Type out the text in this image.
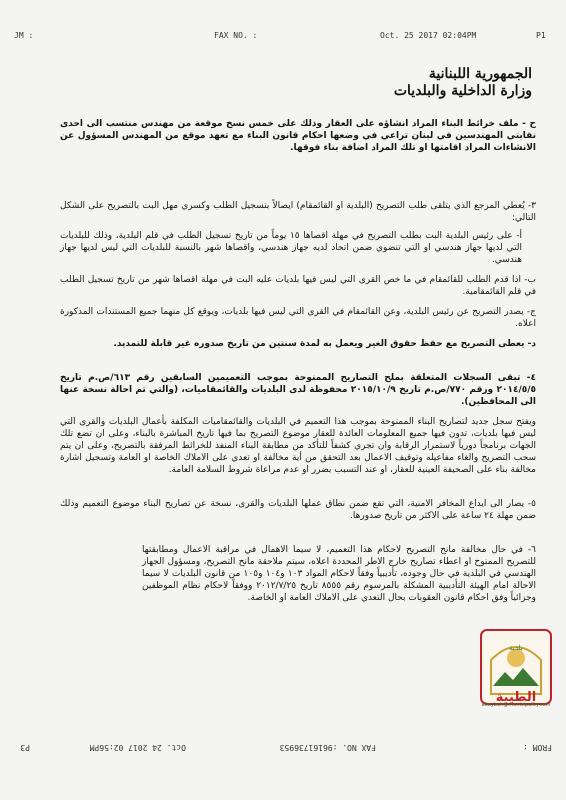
JM :	FAX NO. :	Oct. 25 2017 02:04PM	P1
الجمهورية اللبنانية
وزارة الداخلية والبلديات

ح - ملف خرائط البناء المراد انشاؤه على العقار وذلك على خمس نسخ موقعة من مهندس منتسب الى احدى نقابتي المهندسين في لبنان تراعي في وضعها احكام قانون البناء مع تعهد موقع من المهندس المسؤول عن الانشاءات المراد اقامتها او تلك المراد اضافة بناء فوقها.

٣- يُعطي المرجع الذي يتلقى طلب التصريح (البلدية او القائمقام) ايصالاً بتسجيل الطلب وكسري مهل البت بالتصريح على الشكل التالي:

أ- على رئيس البلدية البت بطلب التصريح في مهلة اقصاها ١٥ يوماً من تاريخ تسجيل الطلب في قلم البلدية، وذلك للبلديات التي لديها جهاز هندسي او التي تنضوي ضمن اتحاد لديه جهاز هندسي، واقصاها شهر بالنسبة للبلديات التي ليس لديها جهاز هندسي.

ب- اذا قدم الطلب للقائمقام في ما خص القرى التي ليس فيها بلديات عليه البت في مهلة اقصاها شهر من تاريخ تسجيل الطلب في قلم القائمقامية.

ج- يصدر التصريح عن رئيس البلدية، وعن القائمقام في القرى التي ليس فيها بلديات، ويوقع كل منهما جميع المستندات المذكورة اعلاه.

د- يعطى التصريح مع حفظ حقوق الغير ويعمل به لمدة سنتين من تاريخ صدوره غير قابلة للتمديد.

٤- تبقى السجلات المتعلقة بملح التصاريح الممنوحة بموجب التعميمين السابقين رقم ٦١٣/ص.م تاريخ ٢٠١٤/٥/٥ ورقم ٧٧٠/ص.م تاريخ ٢٠١٥/١٠/٩ محفوظة لدى البلديات والقائمقاميات، (والتي تم احالة نسخة عنها الى المحافظين).

ويفتح سجل جديد لتصاريح البناء الممنوحة بموجب هذا التعميم في البلديات والقائمقاميات المكلفة بأعمال البلديات والقرى التي ليس فيها بلديات، تدون فيها جميع المعلومات العائدة للعقار موضوع التصريح بما فيها تاريخ المباشرة بالبناء، وعلى ان تضع تلك الجهات برنامجاً دورياً لاستمرار الرقابة وان تجري كشفاً للتأكد من مطابقة البناء المنفذ للخرائط المرفقة بالتصريح، وعلى ان يتم سحب التصريح والغاء مفاعيله وتوقيف الاعمال بعد التحقق من أية مخالفة او تعدي على الاملاك الخاصة او العامة وتسجيل اشارة مخالفة بناء على الصحيفة العينية للعقار، او عند التسبب بضرر او عدم مراعاة شروط السلامة العامة.

٥- يصار الى ايداع المخافر الامنية، التي تقع ضمن نطاق عملها البلديات والقرى، نسخة عن تصاريح البناء موضوع التعميم وذلك ضمن مهلة ٢٤ ساعة على الاكثر من تاريخ صدورها.

٦- في حال مخالفة مانح التصريح لاحكام هذا التعميم، لا سيما الاهمال في مراقبة الاعمال ومطابقتها للتصريح الممنوح او اعطاء تصاريح خارج الاطر المحددة اعلاه، سيتم ملاحقة مانح التصريح، ومسؤول الجهاز الهندسي في البلدية في حال وجوده، تأديبياً وفقاً لاحكام المواد ١٠٣ و١٠٤ و١٠٥ من قانون البلديات لا سيما الاحالة امام الهيئة التأديبية المشكلة بالمرسوم رقم ٨٥٥٥ تاريخ ٢٠١٢/٧/٢٥ ووفقاً لاحكام نظام الموظفين وجزائياً وفق احكام قانون العقوبات بحال التعدي على الاملاك العامة او الخاصة.

بلدية
الطيبة
altaybeh@municipality.com
FROM :
FAX NO. :9616173695З
Oct. 24 2017 02:56PM
P3
